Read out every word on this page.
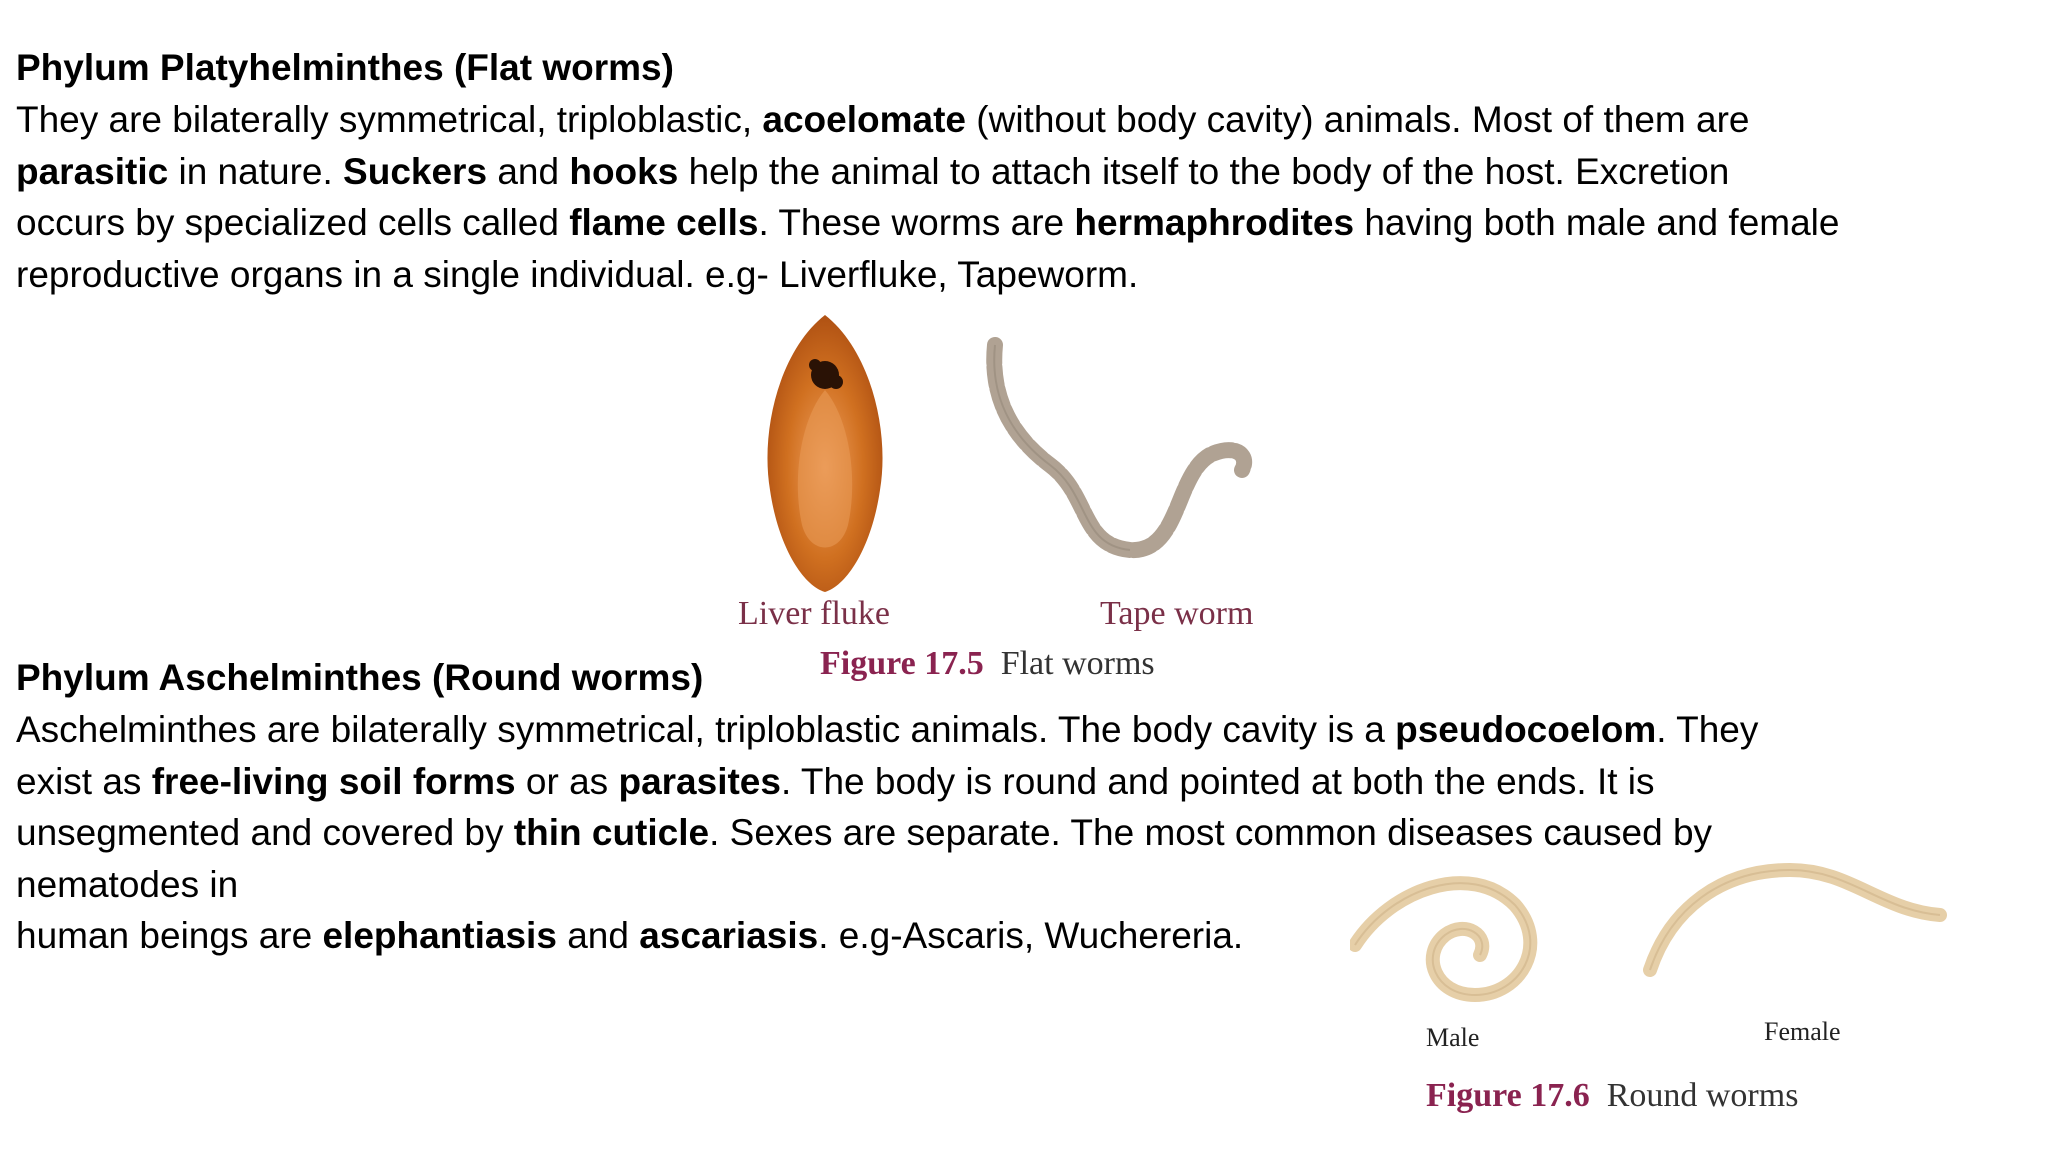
Phylum Platyhelminthes (Flat worms)

They are bilaterally symmetrical, triploblastic, acoelomate (without body cavity) animals. Most of them are
parasitic in nature. Suckers and hooks help the animal to attach itself to the body of the host. Excretion
occurs by specialized cells called flame cells. These worms are hermaphrodites having both male and female
reproductive organs in a single individual. e.g- Liverfluke, Tapeworm.

Liver fluke	Tape worm
Figure 17.5 Flat worms

Phylum Aschelminthes (Round worms)

Aschelminthes are bilaterally symmetrical, triploblastic animals. The body cavity is a pseudocoelom. They
exist as free-living soil forms or as parasites. The body is round and pointed at both the ends. It is
unsegmented and covered by thin cuticle. Sexes are separate. The most common diseases caused by
nematodes in
human beings are elephantiasis and ascariasis. e.g-Ascaris, Wuchereria.

Male	Female
Figure 17.6 Round worms
